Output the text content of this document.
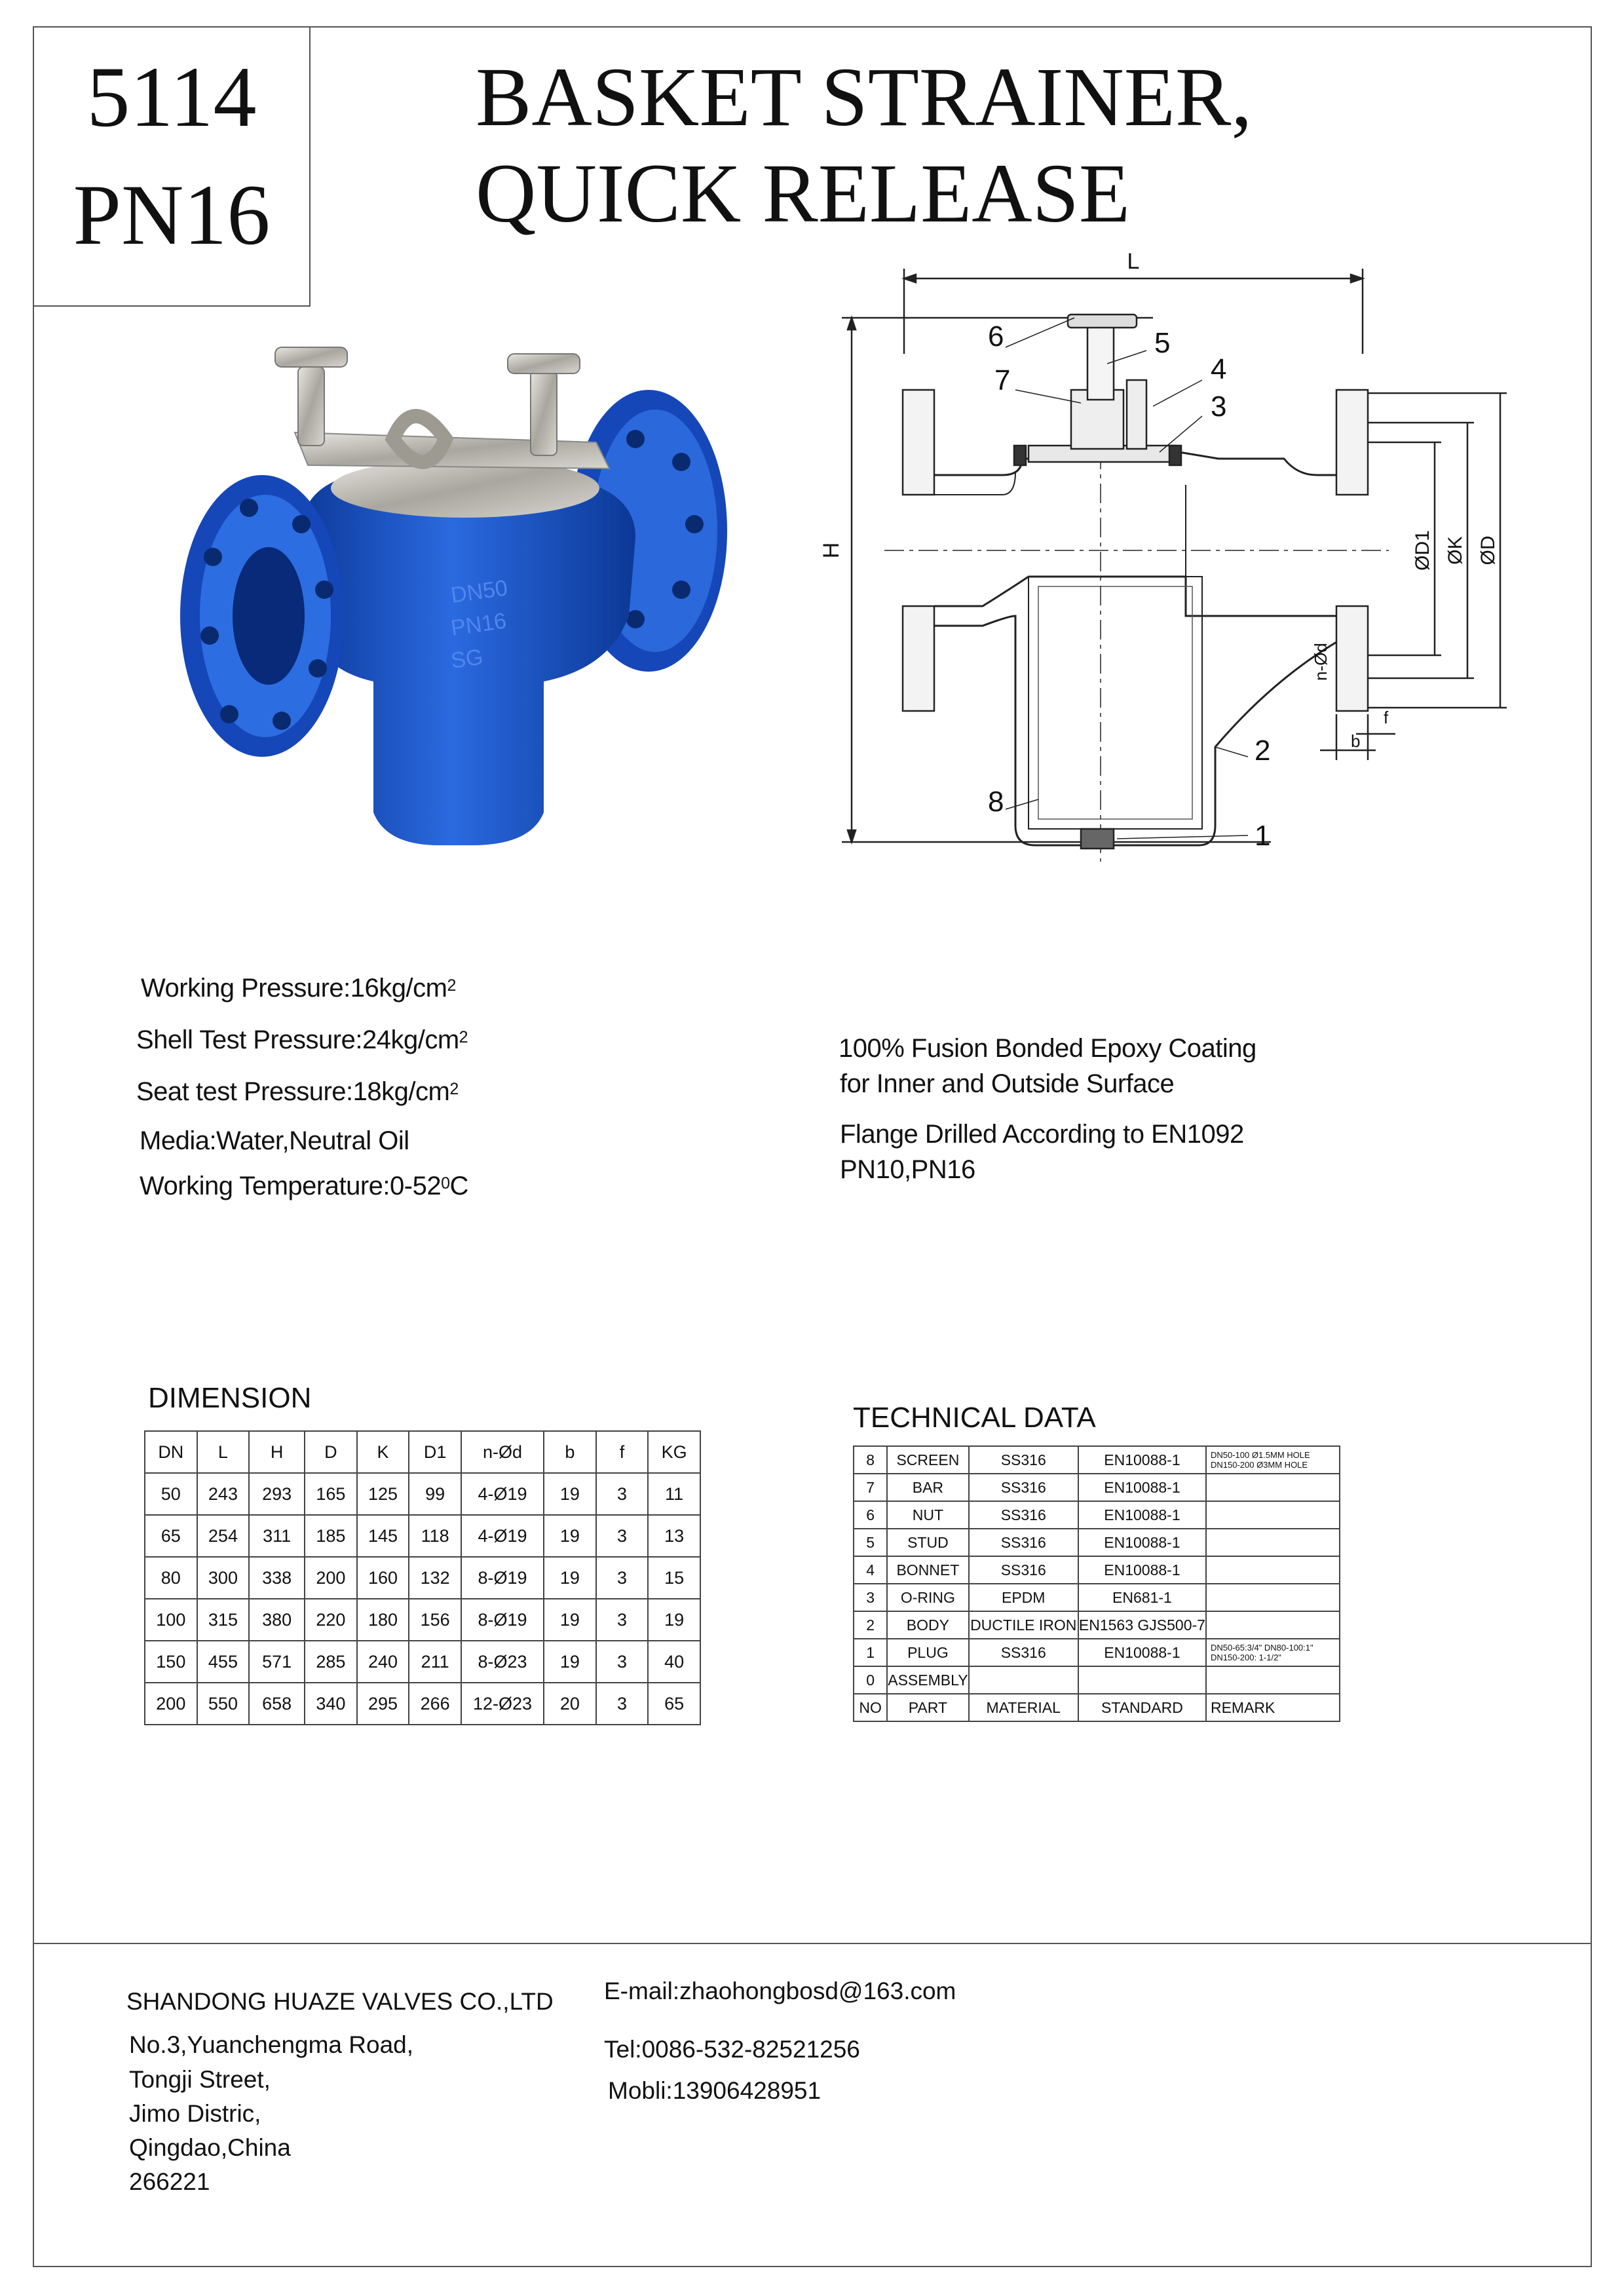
5114
PN16
BASKET STRAINER,
QUICK RELEASE
DN50
PN16
SG
L
H	ØD1 ØK ØD
n-Ød
b
f
6	5
7	4
3
2
8
1
Working $Pressure:16kg/cm^2$
Shell Test $Pressure:24kg/cm^2$
Seat test $Pressure:18kg/cm^2$
Media:Water,Neutral Oil
Working $Temperature:0-52^0C$
100% Fusion Bonded Epoxy Coating
for Inner and Outside Surface
Flange Drilled According to EN1092
PN10,PN16
DIMENSION
DN	L	H	D	K	D1	n-Ød	b	f	KG
50	243	293	165	125	99	4-Ø19	19	3	11
65	254	311	185	145	118	4-Ø19	19	3	13
80	300	338	200	160	132	8-Ø19	19	3	15
100	315	380	220	180	156	8-Ø19	19	3	19
150	455	571	285	240	211	8-Ø23	19	3	40
200	550	658	340	295	266	12-Ø23	20	3	65
TECHNICAL DATA
8	SCREEN	SS316	EN10088-1	DN50-100 Ø1.5MM HOLE
DN150-200 Ø3MM HOLE

7	BAR	SS316	EN10088-1	

6	NUT	SS316	EN10088-1	

5	STUD	SS316	EN10088-1	

4	BONNET	SS316	EN10088-1	

3	O-RING	EPDM	EN681-1	

2	BODY	DUCTILE IRON	EN1563 GJS500-7	

1	PLUG	SS316	EN10088-1	DN50-65:3/4" DN80-100:1"
DN150-200: 1-1/2"

0	ASSEMBLY			

NO	PART	MATERIAL	STANDARD	REMARK
SHANDONG HUAZE VALVES CO.,LTD
No.3,Yuanchengma Road,
Tongji Street,
Jimo Distric,
Qingdao,China
266221
E-mail:zhaohongbosd@163.com
Tel:0086-532-82521256
Mobli:13906428951
